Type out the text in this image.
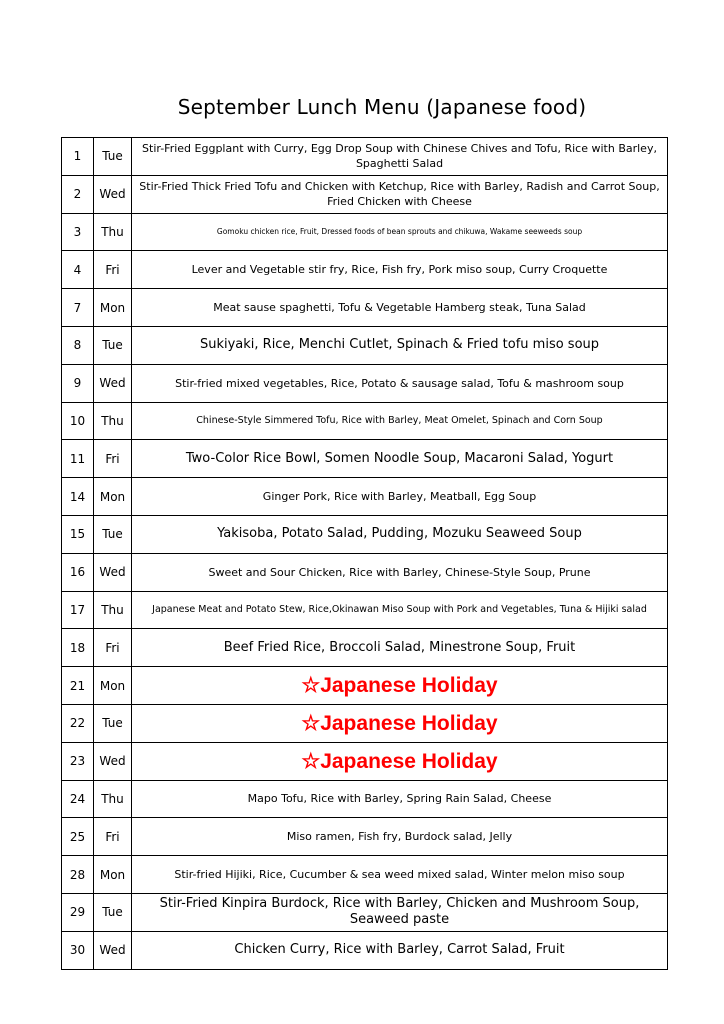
September Lunch Menu (Japanese food)
1	Tue	Stir-Fried Eggplant with Curry, Egg Drop Soup with Chinese Chives and Tofu, Rice with Barley, Spaghetti Salad
2	Wed	Stir-Fried Thick Fried Tofu and Chicken with Ketchup, Rice with Barley, Radish and Carrot Soup, Fried Chicken with Cheese
3	Thu	Gomoku chicken rice, Fruit, Dressed foods of bean sprouts and chikuwa, Wakame seeweeds soup
4	Fri	Lever and Vegetable stir fry, Rice, Fish fry, Pork miso soup, Curry Croquette
7	Mon	Meat sause spaghetti, Tofu & Vegetable Hamberg steak, Tuna Salad
8	Tue	Sukiyaki, Rice, Menchi Cutlet, Spinach & Fried tofu miso soup
9	Wed	Stir-fried mixed vegetables, Rice, Potato & sausage salad, Tofu & mashroom soup
10	Thu	Chinese-Style Simmered Tofu, Rice with Barley, Meat Omelet, Spinach and Corn Soup
11	Fri	Two-Color Rice Bowl, Somen Noodle Soup, Macaroni Salad, Yogurt
14	Mon	Ginger Pork, Rice with Barley, Meatball, Egg Soup
15	Tue	Yakisoba, Potato Salad, Pudding, Mozuku Seaweed Soup
16	Wed	Sweet and Sour Chicken, Rice with Barley, Chinese-Style Soup, Prune
17	Thu	Japanese Meat and Potato Stew, Rice,Okinawan Miso Soup with Pork and Vegetables, Tuna & Hijiki salad
18	Fri	Beef Fried Rice, Broccoli Salad, Minestrone Soup, Fruit
21	Mon	☆Japanese Holiday
22	Tue	☆Japanese Holiday
23	Wed	☆Japanese Holiday
24	Thu	Mapo Tofu, Rice with Barley, Spring Rain Salad, Cheese
25	Fri	Miso ramen, Fish fry, Burdock salad, Jelly
28	Mon	Stir-fried Hijiki, Rice, Cucumber & sea weed mixed salad, Winter melon miso soup
29	Tue	Stir-Fried Kinpira Burdock, Rice with Barley, Chicken and Mushroom Soup, Seaweed paste
30	Wed	Chicken Curry, Rice with Barley, Carrot Salad, Fruit
